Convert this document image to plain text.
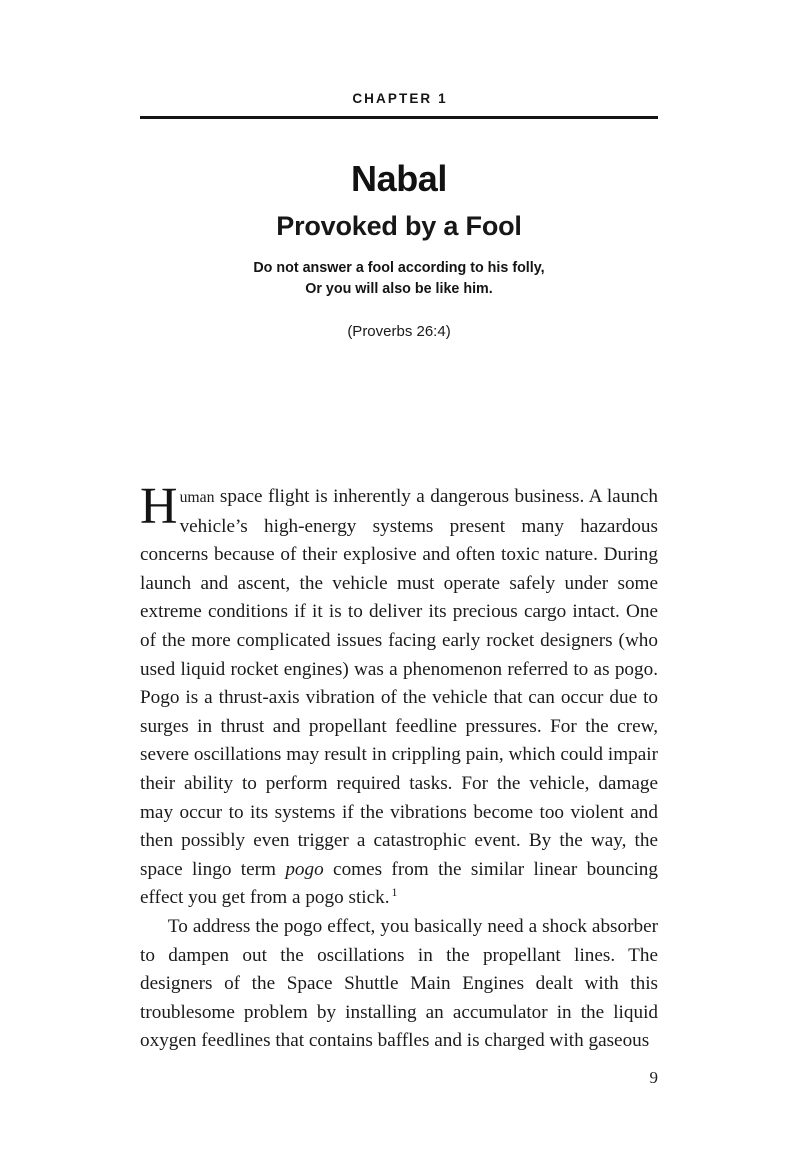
CHAPTER 1
Nabal
Provoked by a Fool
Do not answer a fool according to his folly,
Or you will also be like him.
(Proverbs 26:4)

Human space flight is inherently a dangerous business. A launch vehicle’s high-energy systems present many hazardous concerns because of their explosive and often toxic nature. During launch and ascent, the vehicle must operate safely under some extreme conditions if it is to deliver its precious cargo intact. One of the more complicated issues facing early rocket designers (who used liquid rocket engines) was a phenomenon referred to as pogo. Pogo is a thrust-axis vibration of the vehicle that can occur due to surges in thrust and propellant feedline pressures. For the crew, severe oscillations may result in crippling pain, which could impair their ability to perform required tasks. For the vehicle, damage may occur to its systems if the vibrations become too violent and then possibly even trigger a catastrophic event. By the way, the space lingo term pogo comes from the similar linear bouncing effect you get from a pogo stick. $^1$

To address the pogo effect, you basically need a shock absorber to dampen out the oscillations in the propellant lines. The designers of the Space Shuttle Main Engines dealt with this troublesome problem by installing an accumulator in the liquid oxygen feedlines that contains baffles and is charged with gaseous

9
